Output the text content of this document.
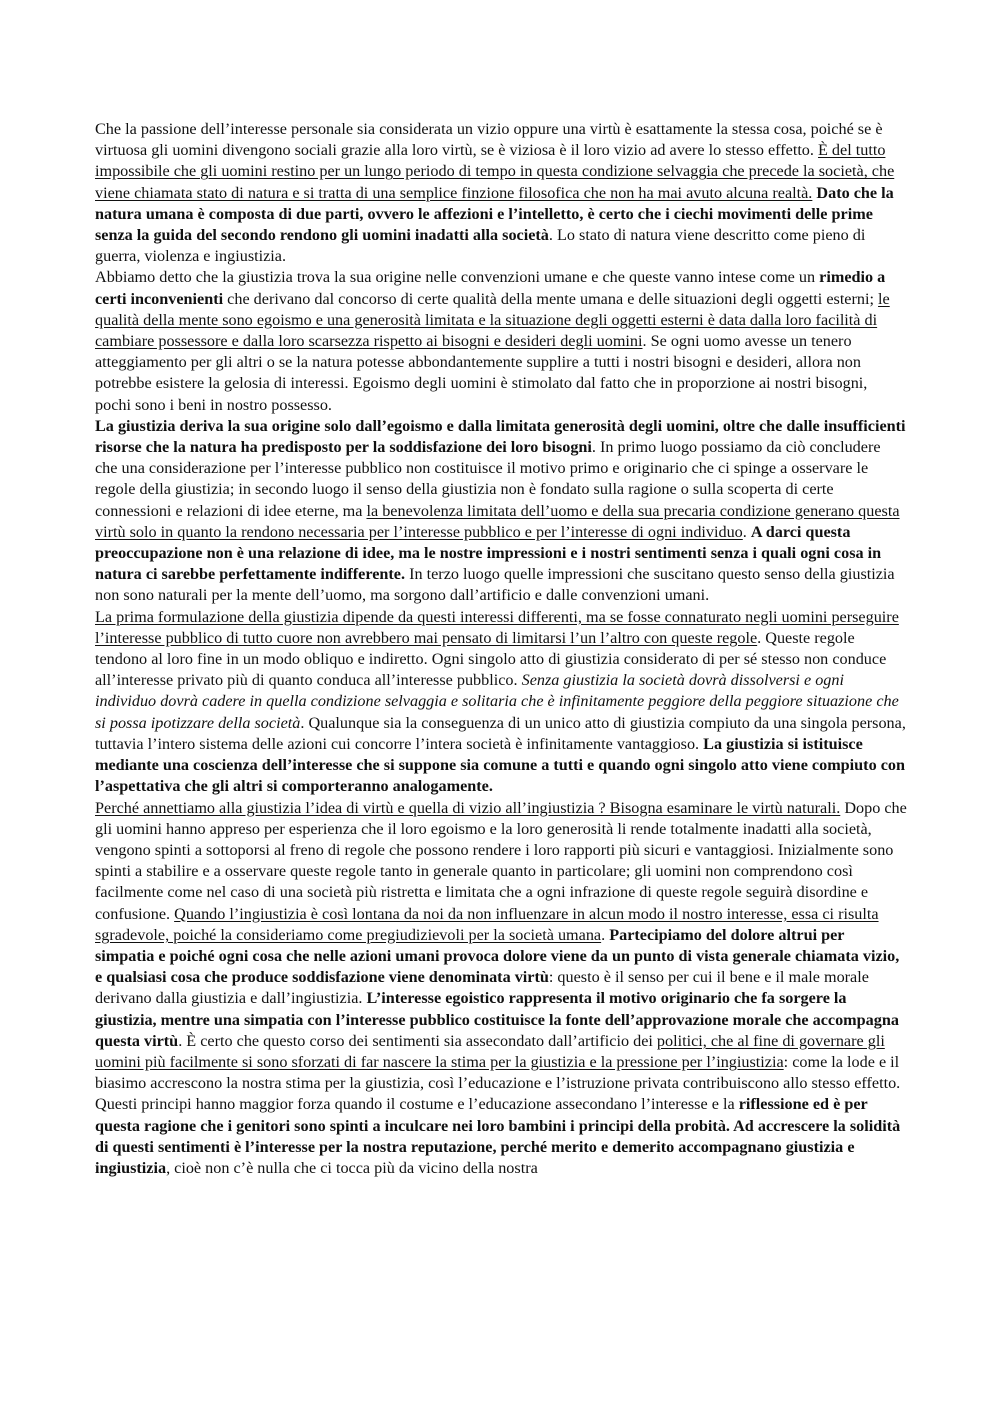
Che la passione dell’interesse personale sia considerata un vizio oppure una virtù è esattamente la stessa cosa, poiché se è virtuosa gli uomini divengono sociali grazie alla loro virtù, se è viziosa è il loro vizio ad avere lo stesso effetto. È del tutto impossibile che gli uomini restino per un lungo periodo di tempo in questa condizione selvaggia che precede la società, che viene chiamata stato di natura e si tratta di una semplice finzione filosofica che non ha mai avuto alcuna realtà. Dato che la natura umana è composta di due parti, ovvero le affezioni e l’intelletto, è certo che i ciechi movimenti delle prime senza la guida del secondo rendono gli uomini inadatti alla società. Lo stato di natura viene descritto come pieno di guerra, violenza e ingiustizia.

Abbiamo detto che la giustizia trova la sua origine nelle convenzioni umane e che queste vanno intese come un rimedio a certi inconvenienti che derivano dal concorso di certe qualità della mente umana e delle situazioni degli oggetti esterni; le qualità della mente sono egoismo e una generosità limitata e la situazione degli oggetti esterni è data dalla loro facilità di cambiare possessore e dalla loro scarsezza rispetto ai bisogni e desideri degli uomini. Se ogni uomo avesse un tenero atteggiamento per gli altri o se la natura potesse abbondantemente supplire a tutti i nostri bisogni e desideri, allora non potrebbe esistere la gelosia di interessi. Egoismo degli uomini è stimolato dal fatto che in proporzione ai nostri bisogni, pochi sono i beni in nostro possesso.

La giustizia deriva la sua origine solo dall’egoismo e dalla limitata generosità degli uomini, oltre che dalle insufficienti risorse che la natura ha predisposto per la soddisfazione dei loro bisogni. In primo luogo possiamo da ciò concludere che una considerazione per l’interesse pubblico non costituisce il motivo primo e originario che ci spinge a osservare le regole della giustizia; in secondo luogo il senso della giustizia non è fondato sulla ragione o sulla scoperta di certe connessioni e relazioni di idee eterne, ma la benevolenza limitata dell’uomo e della sua precaria condizione generano questa virtù solo in quanto la rendono necessaria per l’interesse pubblico e per l’interesse di ogni individuo. A darci questa preoccupazione non è una relazione di idee, ma le nostre impressioni e i nostri sentimenti senza i quali ogni cosa in natura ci sarebbe perfettamente indifferente. In terzo luogo quelle impressioni che suscitano questo senso della giustizia non sono naturali per la mente dell’uomo, ma sorgono dall’artificio e dalle convenzioni umani.

La prima formulazione della giustizia dipende da questi interessi differenti, ma se fosse connaturato negli uomini perseguire l’interesse pubblico di tutto cuore non avrebbero mai pensato di limitarsi l’un l’altro con queste regole. Queste regole tendono al loro fine in un modo obliquo e indiretto. Ogni singolo atto di giustizia considerato di per sé stesso non conduce all’interesse privato più di quanto conduca all’interesse pubblico. Senza giustizia la società dovrà dissolversi e ogni individuo dovrà cadere in quella condizione selvaggia e solitaria che è infinitamente peggiore della peggiore situazione che si possa ipotizzare della società. Qualunque sia la conseguenza di un unico atto di giustizia compiuto da una singola persona, tuttavia l’intero sistema delle azioni cui concorre l’intera società è infinitamente vantaggioso. La giustizia si istituisce mediante una coscienza dell’interesse che si suppone sia comune a tutti e quando ogni singolo atto viene compiuto con l’aspettativa che gli altri si comporteranno analogamente.

Perché annettiamo alla giustizia l’idea di virtù e quella di vizio all’ingiustizia ? Bisogna esaminare le virtù naturali. Dopo che gli uomini hanno appreso per esperienza che il loro egoismo e la loro generosità li rende totalmente inadatti alla società, vengono spinti a sottoporsi al freno di regole che possono rendere i loro rapporti più sicuri e vantaggiosi. Inizialmente sono spinti a stabilire e a osservare queste regole tanto in generale quanto in particolare; gli uomini non comprendono così facilmente come nel caso di una società più ristretta e limitata che a ogni infrazione di queste regole seguirà disordine e confusione. Quando l’ingiustizia è così lontana da noi da non influenzare in alcun modo il nostro interesse, essa ci risulta sgradevole, poiché la consideriamo come pregiudizievoli per la società umana. Partecipiamo del dolore altrui per simpatia e poiché ogni cosa che nelle azioni umani provoca dolore viene da un punto di vista generale chiamata vizio, e qualsiasi cosa che produce soddisfazione viene denominata virtù: questo è il senso per cui il bene e il male morale derivano dalla giustizia e dall’ingiustizia. L’interesse egoistico rappresenta il motivo originario che fa sorgere la giustizia, mentre una simpatia con l’interesse pubblico costituisce la fonte dell’approvazione morale che accompagna questa virtù. È certo che questo corso dei sentimenti sia assecondato dall’artificio dei politici, che al fine di governare gli uomini più facilmente si sono sforzati di far nascere la stima per la giustizia e la pressione per l’ingiustizia: come la lode e il biasimo accrescono la nostra stima per la giustizia, così l’educazione e l’istruzione privata contribuiscono allo stesso effetto. Questi principi hanno maggior forza quando il costume e l’educazione assecondano l’interesse e la riflessione ed è per questa ragione che i genitori sono spinti a inculcare nei loro bambini i principi della probità. Ad accrescere la solidità di questi sentimenti è l’interesse per la nostra reputazione, perché merito e demerito accompagnano giustizia e ingiustizia, cioè non c’è nulla che ci tocca più da vicino della nostra
